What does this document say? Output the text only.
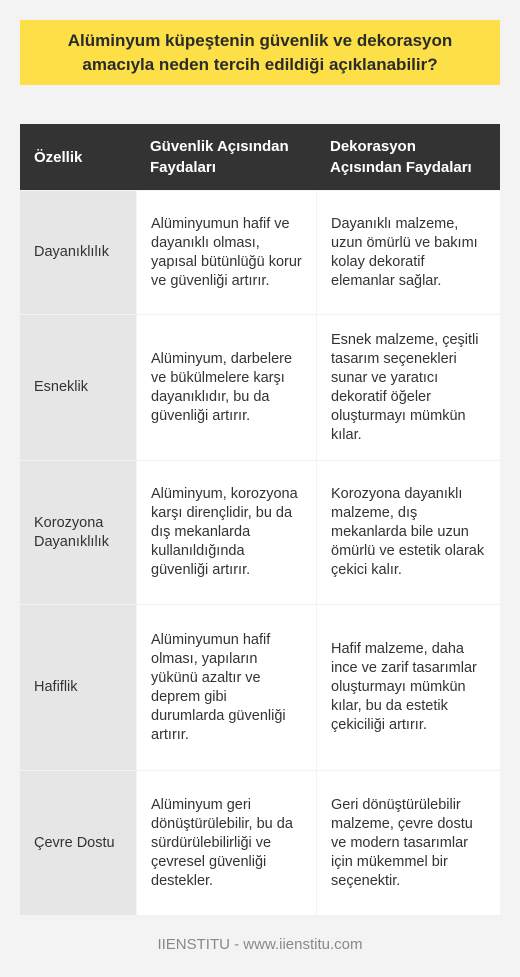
Alüminyum küpeştenin güvenlik ve dekorasyon amacıyla neden tercih edildiği açıklanabilir?
Özellik	Güvenlik Açısından Faydaları	Dekorasyon Açısından Faydaları
Dayanıklılık	Alüminyumun hafif ve dayanıklı olması, yapısal bütünlüğü korur ve güvenliği artırır.	Dayanıklı malzeme, uzun ömürlü ve bakımı kolay dekoratif elemanlar sağlar.
Esneklik	Alüminyum, darbelere ve bükülmelere karşı dayanıklıdır, bu da güvenliği artırır.	Esnek malzeme, çeşitli tasarım seçenekleri sunar ve yaratıcı dekoratif öğeler oluşturmayı mümkün kılar.
Korozyona Dayanıklılık	Alüminyum, korozyona karşı dirençlidir, bu da dış mekanlarda kullanıldığında güvenliği artırır.	Korozyona dayanıklı malzeme, dış mekanlarda bile uzun ömürlü ve estetik olarak çekici kalır.
Hafiflik	Alüminyumun hafif olması, yapıların yükünü azaltır ve deprem gibi durumlarda güvenliği artırır.	Hafif malzeme, daha ince ve zarif tasarımlar oluşturmayı mümkün kılar, bu da estetik çekiciliği artırır.
Çevre Dostu	Alüminyum geri dönüştürülebilir, bu da sürdürülebilirliği ve çevresel güvenliği destekler.	Geri dönüştürülebilir malzeme, çevre dostu ve modern tasarımlar için mükemmel bir seçenektir.
IIENSTITU - www.iienstitu.com
